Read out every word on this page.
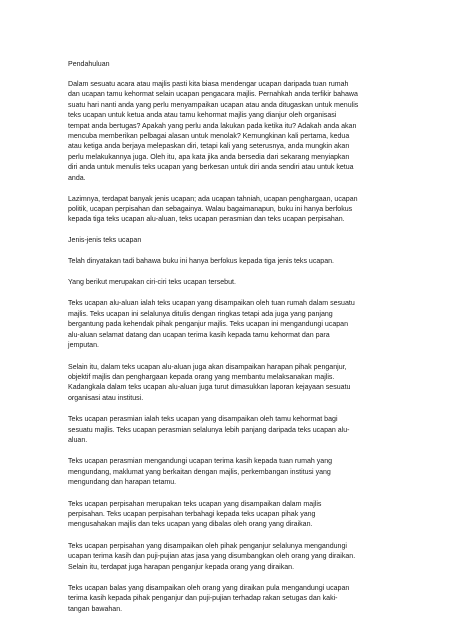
Pendahuluan

Dalam sesuatu acara atau majlis pasti kita biasa mendengar ucapan daripada tuan rumah
dan ucapan tamu kehormat selain ucapan pengacara majlis. Pernahkah anda terfikir bahawa
suatu hari nanti anda yang perlu menyampaikan ucapan atau anda ditugaskan untuk menulis
teks ucapan untuk ketua anda atau tamu kehormat majlis yang dianjur oleh organisasi
tempat anda bertugas? Apakah yang perlu anda lakukan pada ketika itu? Adakah anda akan
mencuba memberikan pelbagai alasan untuk menolak? Kemungkinan kali pertama, kedua
atau ketiga anda berjaya melepaskan diri, tetapi kali yang seterusnya, anda mungkin akan
perlu melakukannya juga. Oleh itu, apa kata jika anda bersedia dari sekarang menyiapkan
diri anda untuk menulis teks ucapan yang berkesan untuk diri anda sendiri atau untuk ketua
anda.

Lazimnya, terdapat banyak jenis ucapan; ada ucapan tahniah, ucapan penghargaan, ucapan
politik, ucapan perpisahan dan sebagainya. Walau bagaimanapun, buku ini hanya berfokus
kepada tiga teks ucapan alu-aluan, teks ucapan perasmian dan teks ucapan perpisahan.

Jenis-jenis teks ucapan

Telah dinyatakan tadi bahawa buku ini hanya berfokus kepada tiga jenis teks ucapan.

Yang berikut merupakan ciri-ciri teks ucapan tersebut.

Teks ucapan alu-aluan ialah teks ucapan yang disampaikan oleh tuan rumah dalam sesuatu
majlis. Teks ucapan ini selalunya ditulis dengan ringkas tetapi ada juga yang panjang
bergantung pada kehendak pihak penganjur majlis. Teks ucapan ini mengandungi ucapan
alu-aluan selamat datang dan ucapan terima kasih kepada tamu kehormat dan para
jemputan.

Selain itu, dalam teks ucapan alu-aluan juga akan disampaikan harapan pihak penganjur,
objektif majlis dan penghargaan kepada orang yang membantu melaksanakan majlis.
Kadangkala dalam teks ucapan alu-aluan juga turut dimasukkan laporan kejayaan sesuatu
organisasi atau institusi.

Teks ucapan perasmian ialah teks ucapan yang disampaikan oleh tamu kehormat bagi
sesuatu majlis. Teks ucapan perasmian selalunya lebih panjang daripada teks ucapan alu-
aluan.

Teks ucapan perasmian mengandungi ucapan terima kasih kepada tuan rumah yang
mengundang, maklumat yang berkaitan dengan majlis, perkembangan institusi yang
mengundang dan harapan tetamu.

Teks ucapan perpisahan merupakan teks ucapan yang disampaikan dalam majlis
perpisahan. Teks ucapan perpisahan terbahagi kepada teks ucapan pihak yang
mengusahakan majlis dan teks ucapan yang dibalas oleh orang yang diraikan.

Teks ucapan perpisahan yang disampaikan oleh pihak penganjur selalunya mengandungi
ucapan terima kasih dan puji-pujian atas jasa yang disumbangkan oleh orang yang diraikan.
Selain itu, terdapat juga harapan penganjur kepada orang yang diraikan.

Teks ucapan balas yang disampaikan oleh orang yang diraikan pula mengandungi ucapan
terima kasih kepada pihak penganjur dan puji-pujian terhadap rakan setugas dan kaki-
tangan bawahan.
